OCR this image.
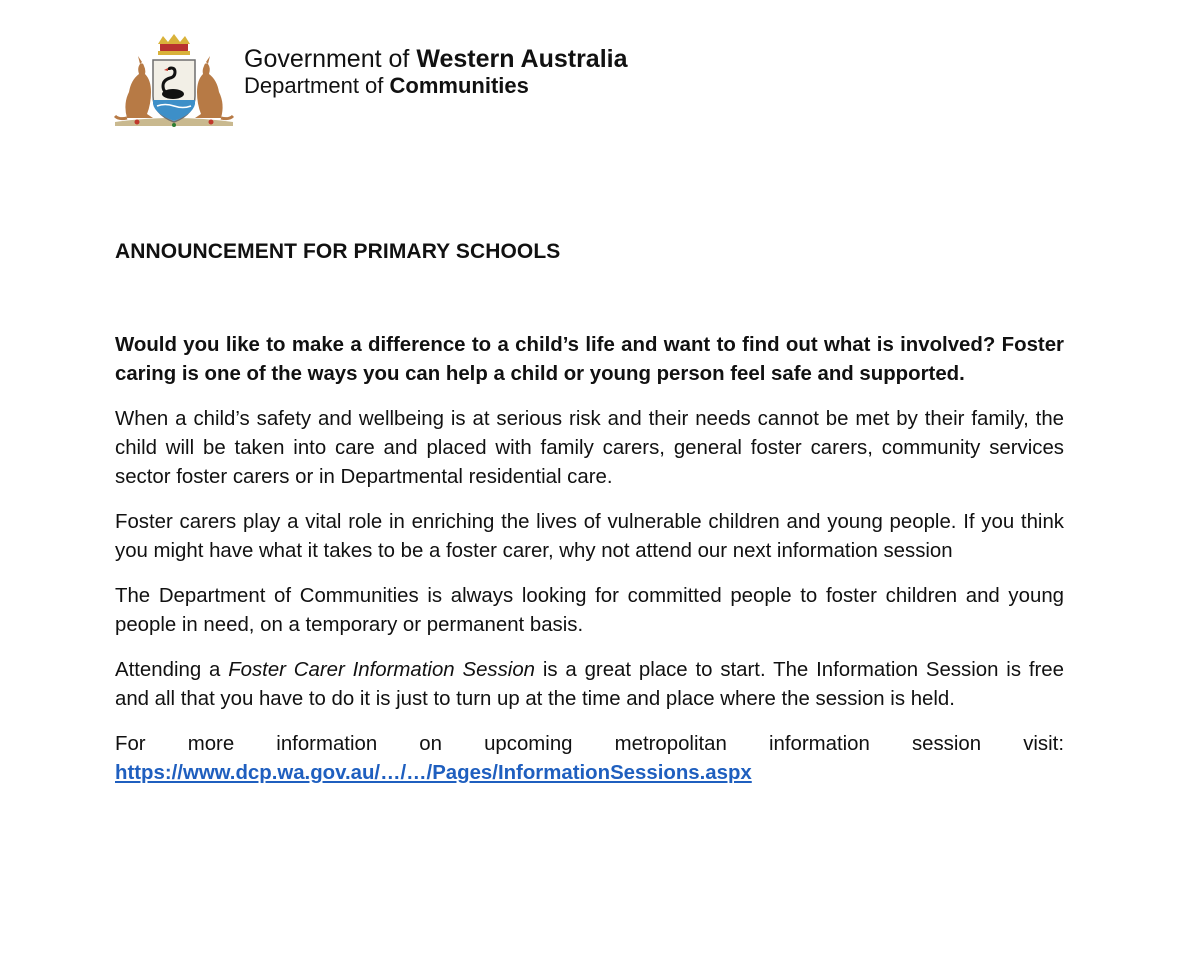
Government of Western Australia
Department of Communities
ANNOUNCEMENT FOR PRIMARY SCHOOLS

Would you like to make a difference to a child’s life and want to find out what is involved? Foster caring is one of the ways you can help a child or young person feel safe and supported.

When a child’s safety and wellbeing is at serious risk and their needs cannot be met by their family, the child will be taken into care and placed with family carers, general foster carers, community services sector foster carers or in Departmental residential care.

Foster carers play a vital role in enriching the lives of vulnerable children and young people. If you think you might have what it takes to be a foster carer, why not attend our next information session

The Department of Communities is always looking for committed people to foster children and young people in need, on a temporary or permanent basis.

Attending a Foster Carer Information Session is a great place to start. The Information Session is free and all that you have to do it is just to turn up at the time and place where the session is held.

For more information on upcoming metropolitan information session visit:
https://www.dcp.wa.gov.au/…/…/Pages/InformationSessions.aspx
